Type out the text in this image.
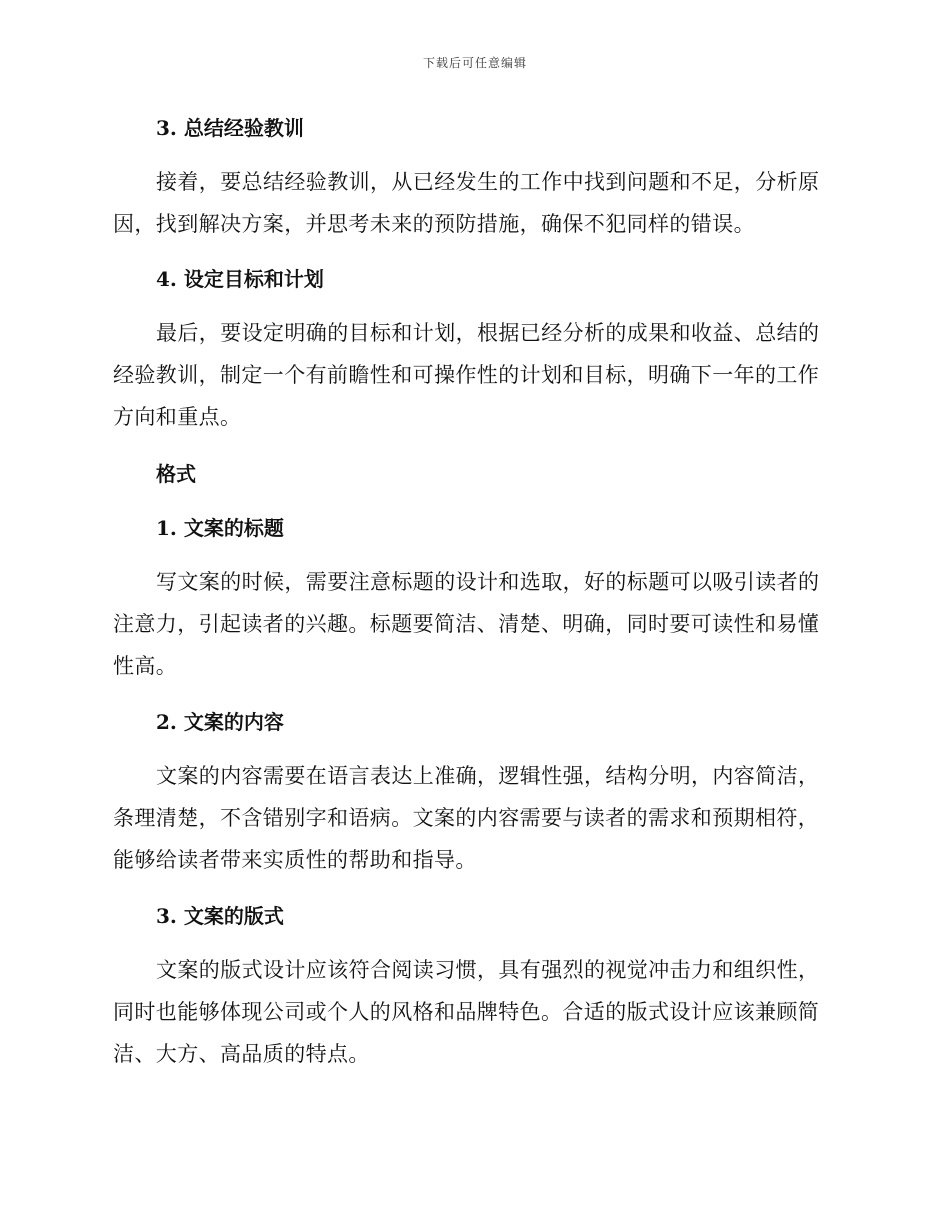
下载后可任意编辑
3. 总结经验教训
接着，要总结经验教训，从已经发生的工作中找到问题和不足，分析原因，找到解决方案，并思考未来的预防措施，确保不犯同样的错误。
4. 设定目标和计划
最后，要设定明确的目标和计划，根据已经分析的成果和收益、总结的经验教训，制定一个有前瞻性和可操作性的计划和目标，明确下一年的工作方向和重点。
格式
1. 文案的标题
写文案的时候，需要注意标题的设计和选取，好的标题可以吸引读者的注意力，引起读者的兴趣。标题要简洁、清楚、明确，同时要可读性和易懂性高。
2. 文案的内容
文案的内容需要在语言表达上准确，逻辑性强，结构分明，内容简洁，条理清楚，不含错别字和语病。文案的内容需要与读者的需求和预期相符，能够给读者带来实质性的帮助和指导。
3. 文案的版式
文案的版式设计应该符合阅读习惯，具有强烈的视觉冲击力和组织性，同时也能够体现公司或个人的风格和品牌特色。合适的版式设计应该兼顾简洁、大方、高品质的特点。
